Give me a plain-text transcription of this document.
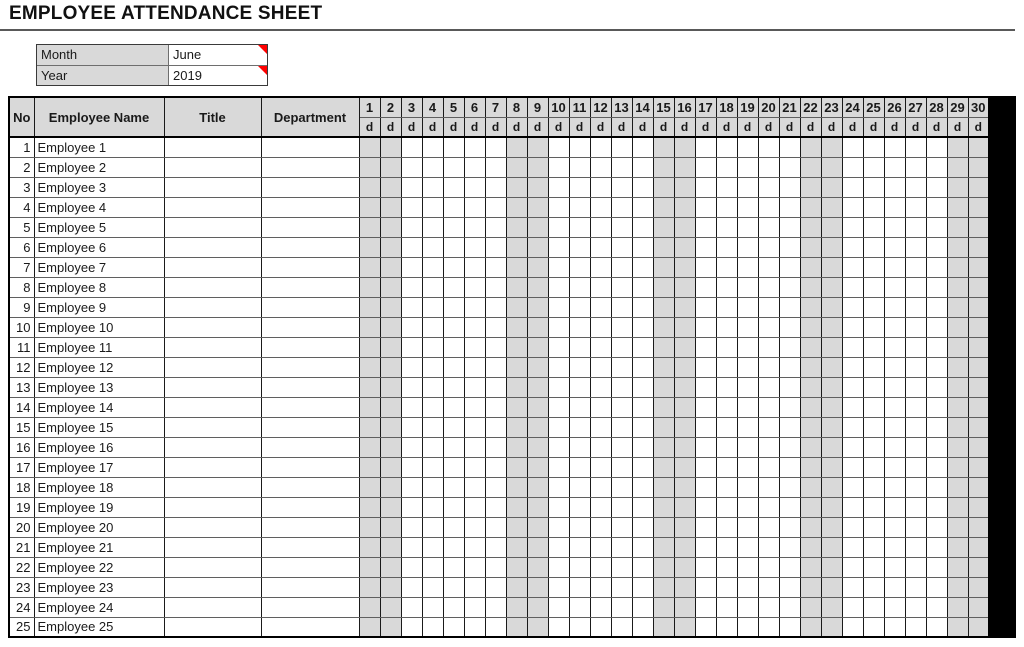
EMPLOYEE ATTENDANCE SHEET
Month	June
Year	2019
No	Employee Name	Title	Department	1	2	3	4	5	6	7	8	9	10	11	12	13	14	15	16	17	18	19	20	21	22	23	24	25	26	27	28	29	30
				d	d	d	d	d	d	d	d	d	d	d	d	d	d	d	d	d	d	d	d	d	d	d	d	d	d	d	d	d	d
1	Employee 1																																
2	Employee 2																																
3	Employee 3																																
4	Employee 4																																
5	Employee 5																																
6	Employee 6																																
7	Employee 7																																
8	Employee 8																																
9	Employee 9																																
10	Employee 10																																
11	Employee 11																																
12	Employee 12																																
13	Employee 13																																
14	Employee 14																																
15	Employee 15																																
16	Employee 16																																
17	Employee 17																																
18	Employee 18																																
19	Employee 19																																
20	Employee 20																																
21	Employee 21																																
22	Employee 22																																
23	Employee 23																																
24	Employee 24																																
25	Employee 25																																
